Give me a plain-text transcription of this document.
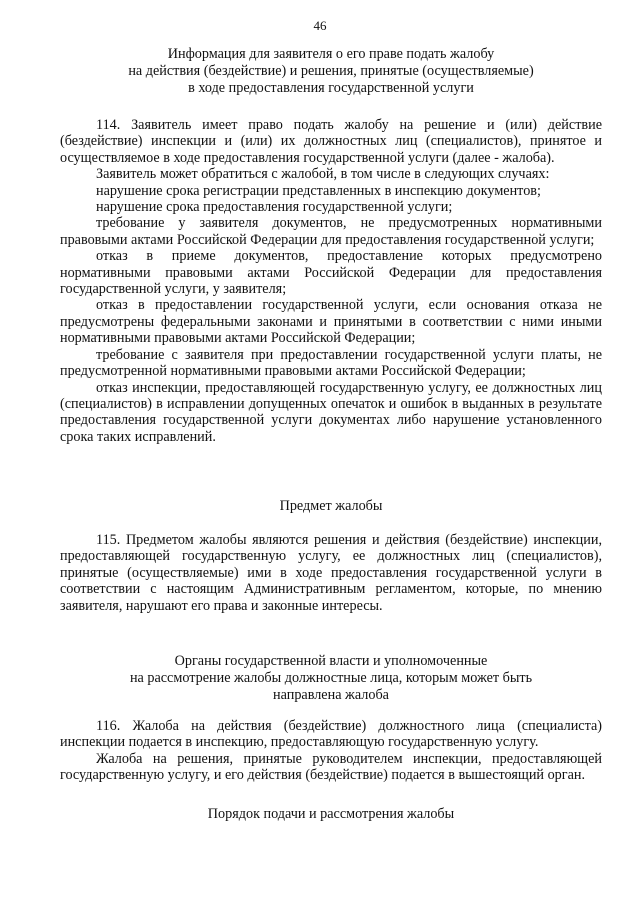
46
Информация для заявителя о его праве подать жалобу
на действия (бездействие) и решения, принятые (осуществляемые)
в ходе предоставления государственной услуги

114. Заявитель имеет право подать жалобу на решение и (или) действие (бездействие) инспекции и (или) их должностных лиц (специалистов), принятое и осуществляемое в ходе предоставления государственной услуги (далее - жалоба).

Заявитель может обратиться с жалобой, в том числе в следующих случаях:

нарушение срока регистрации представленных в инспекцию документов;

нарушение срока предоставления государственной услуги;

требование у заявителя документов, не предусмотренных нормативными правовыми актами Российской Федерации для предоставления государственной услуги;

отказ в приеме документов, предоставление которых предусмотрено нормативными правовыми актами Российской Федерации для предоставления государственной услуги, у заявителя;

отказ в предоставлении государственной услуги, если основания отказа не предусмотрены федеральными законами и принятыми в соответствии с ними иными нормативными правовыми актами Российской Федерации;

требование с заявителя при предоставлении государственной услуги платы, не предусмотренной нормативными правовыми актами Российской Федерации;

отказ инспекции, предоставляющей государственную услугу, ее должностных лиц (специалистов) в исправлении допущенных опечаток и ошибок в выданных в результате предоставления государственной услуги документах либо нарушение установленного срока таких исправлений.

Предмет жалобы

115. Предметом жалобы являются решения и действия (бездействие) инспекции, предоставляющей государственную услугу, ее должностных лиц (специалистов), принятые (осуществляемые) ими в ходе предоставления государственной услуги в соответствии с настоящим Административным регламентом, которые, по мнению заявителя, нарушают его права и законные интересы.

Органы государственной власти и уполномоченные
на рассмотрение жалобы должностные лица, которым может быть
направлена жалоба

116. Жалоба на действия (бездействие) должностного лица (специалиста) инспекции подается в инспекцию, предоставляющую государственную услугу.

Жалоба на решения, принятые руководителем инспекции, предоставляющей государственную услугу, и его действия (бездействие) подается в вышестоящий орган.

Порядок подачи и рассмотрения жалобы
